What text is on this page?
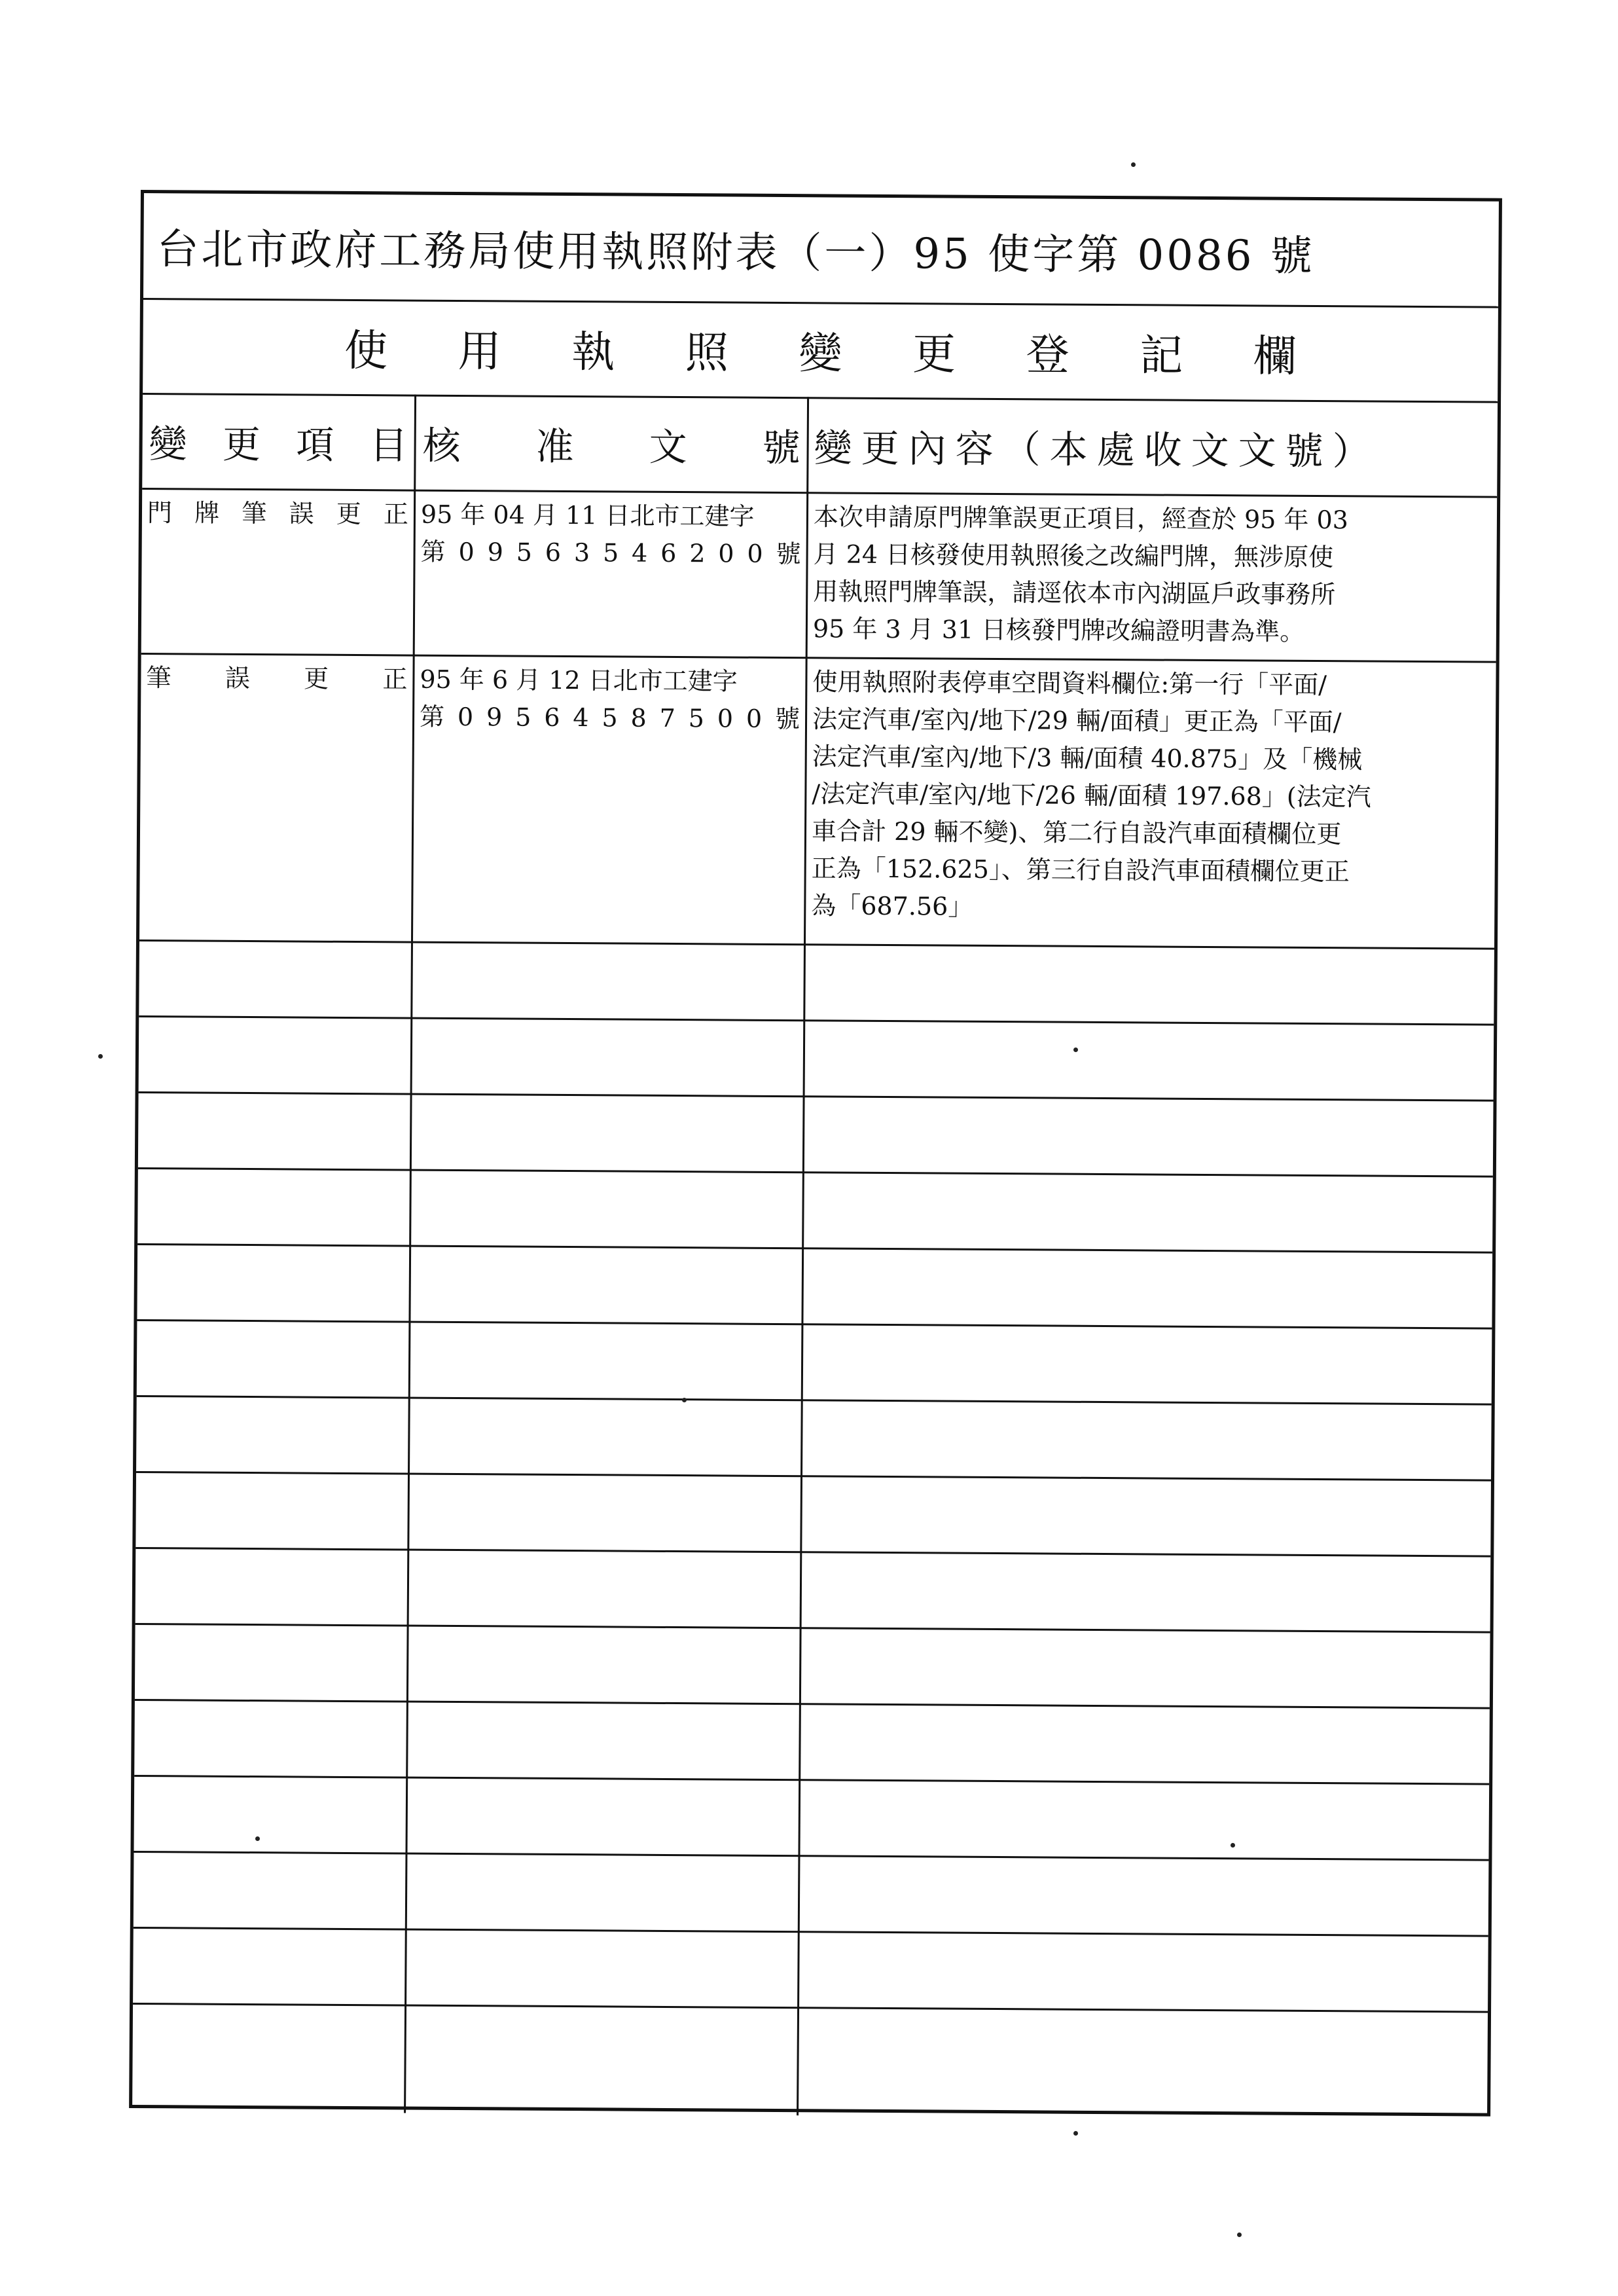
台北市政府工務局使用執照附表（一）95 使字第 0086 號
使 用 執 照 變 更 登 記 欄
變 更 項 目 核 准 文 號 變更內容（本處收文文號）
門 牌 筆 誤 更 正 95 年 04 月 11 日北市工建字
第 0 9 5 6 3 5 4 6 2 0 0 號
本次申請原門牌筆誤更正項目，經查於 95 年 03
月 24 日核發使用執照後之改編門牌，無涉原使
用執照門牌筆誤，請逕依本市內湖區戶政事務所
95 年 3 月 31 日核發門牌改編證明書為準。
筆 誤 更 正 95 年 6 月 12 日北市工建字
第 0 9 5 6 4 5 8 7 5 0 0 號
使用執照附表停車空間資料欄位:第一行「平面/
法定汽車/室內/地下/29 輛/面積」更正為「平面/
法定汽車/室內/地下/3 輛/面積 40.875」及「機械
/法定汽車/室內/地下/26 輛/面積 197.68」(法定汽
車合計 29 輛不變)、第二行自設汽車面積欄位更
正為「152.625」、第三行自設汽車面積欄位更正
為「687.56」
